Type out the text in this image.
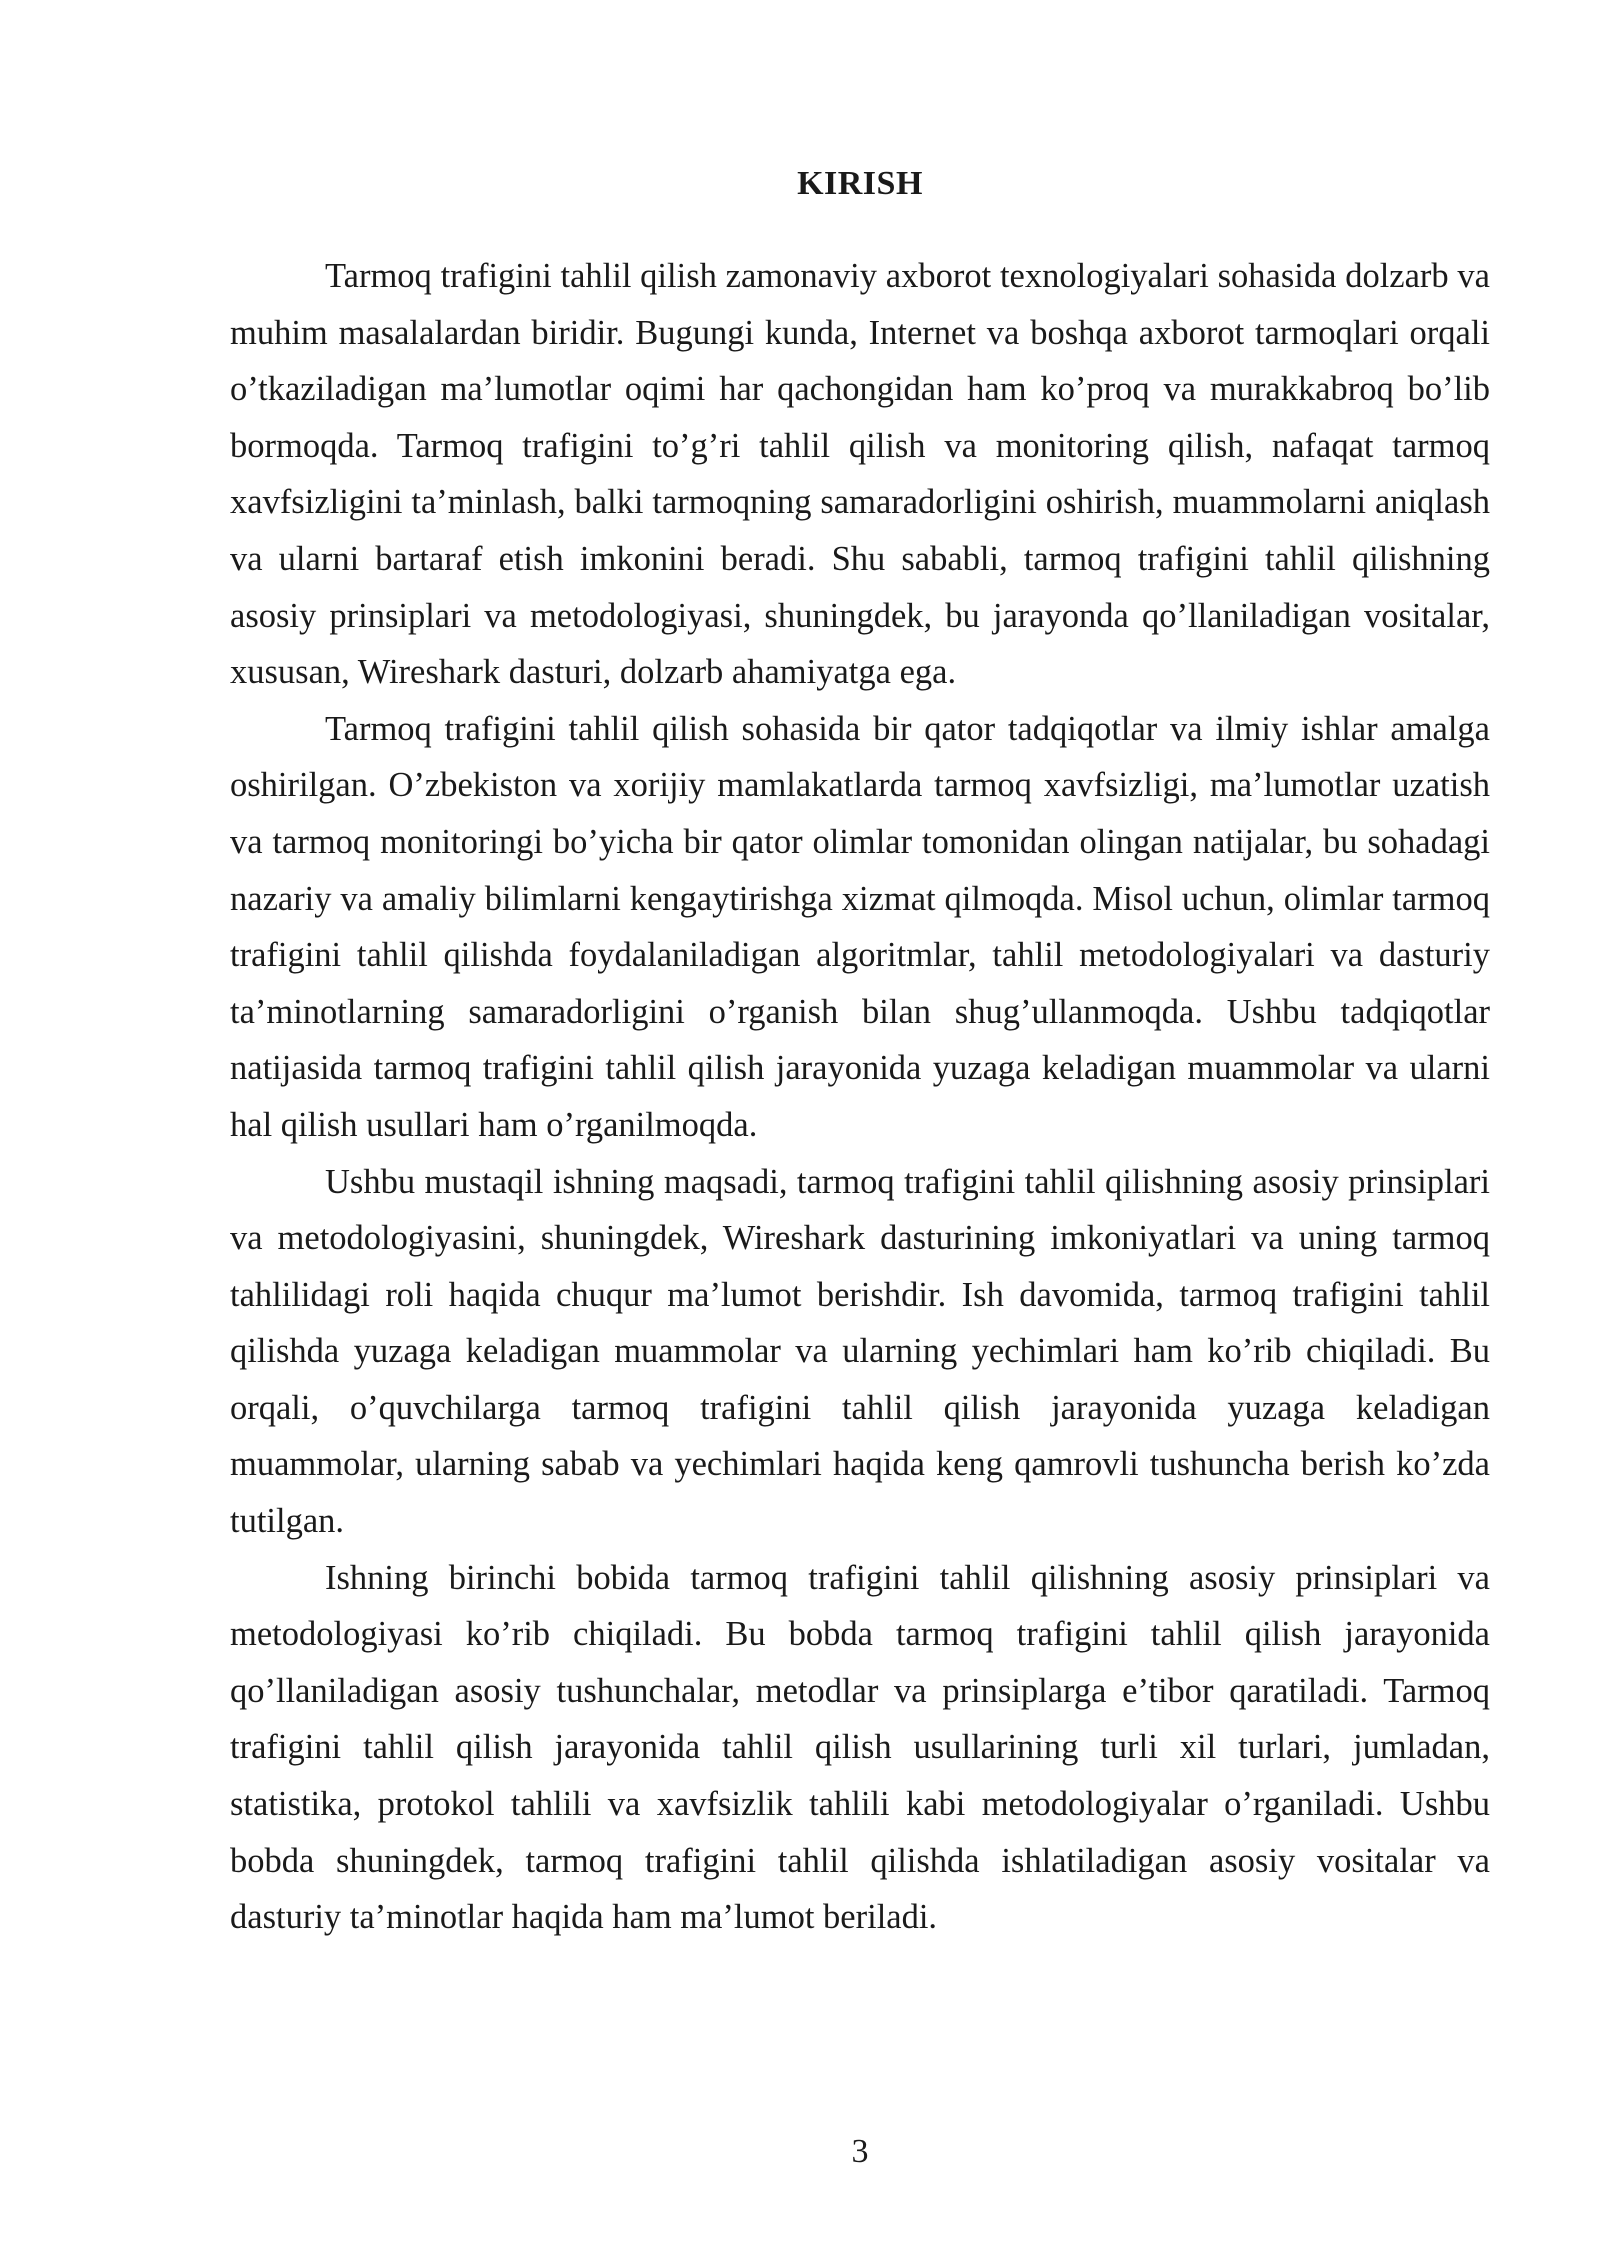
KIRISH

Tarmoq trafigini tahlil qilish zamonaviy axborot texnologiyalari sohasida dolzarb va muhim masalalardan biridir. Bugungi kunda, Internet va boshqa axborot tarmoqlari orqali o’tkaziladigan ma’lumotlar oqimi har qachongidan ham ko’proq va murakkabroq bo’lib bormoqda. Tarmoq trafigini to’g’ri tahlil qilish va monitoring qilish, nafaqat tarmoq xavfsizligini ta’minlash, balki tarmoqning samaradorligini oshirish, muammolarni aniqlash va ularni bartaraf etish imkonini beradi. Shu sababli, tarmoq trafigini tahlil qilishning asosiy prinsiplari va metodologiyasi, shuningdek, bu jarayonda qo’llaniladigan vositalar, xususan, Wireshark dasturi, dolzarb ahamiyatga ega.

Tarmoq trafigini tahlil qilish sohasida bir qator tadqiqotlar va ilmiy ishlar amalga oshirilgan. O’zbekiston va xorijiy mamlakatlarda tarmoq xavfsizligi, ma’lumotlar uzatish va tarmoq monitoringi bo’yicha bir qator olimlar tomonidan olingan natijalar, bu sohadagi nazariy va amaliy bilimlarni kengaytirishga xizmat qilmoqda. Misol uchun, olimlar tarmoq trafigini tahlil qilishda foydalaniladigan algoritmlar, tahlil metodologiyalari va dasturiy ta’minotlarning samaradorligini o’rganish bilan shug’ullanmoqda. Ushbu tadqiqotlar natijasida tarmoq trafigini tahlil qilish jarayonida yuzaga keladigan muammolar va ularni hal qilish usullari ham o’rganilmoqda.

Ushbu mustaqil ishning maqsadi, tarmoq trafigini tahlil qilishning asosiy prinsiplari va metodologiyasini, shuningdek, Wireshark dasturining imkoniyatlari va uning tarmoq tahlilidagi roli haqida chuqur ma’lumot berishdir. Ish davomida, tarmoq trafigini tahlil qilishda yuzaga keladigan muammolar va ularning yechimlari ham ko’rib chiqiladi. Bu orqali, o’quvchilarga tarmoq trafigini tahlil qilish jarayonida yuzaga keladigan muammolar, ularning sabab va yechimlari haqida keng qamrovli tushuncha berish ko’zda tutilgan.

Ishning birinchi bobida tarmoq trafigini tahlil qilishning asosiy prinsiplari va metodologiyasi ko’rib chiqiladi. Bu bobda tarmoq trafigini tahlil qilish jarayonida qo’llaniladigan asosiy tushunchalar, metodlar va prinsiplarga e’tibor qaratiladi. Tarmoq trafigini tahlil qilish jarayonida tahlil qilish usullarining turli xil turlari, jumladan, statistika, protokol tahlili va xavfsizlik tahlili kabi metodologiyalar o’rganiladi. Ushbu bobda shuningdek, tarmoq trafigini tahlil qilishda ishlatiladigan asosiy vositalar va dasturiy ta’minotlar haqida ham ma’lumot beriladi.

3
